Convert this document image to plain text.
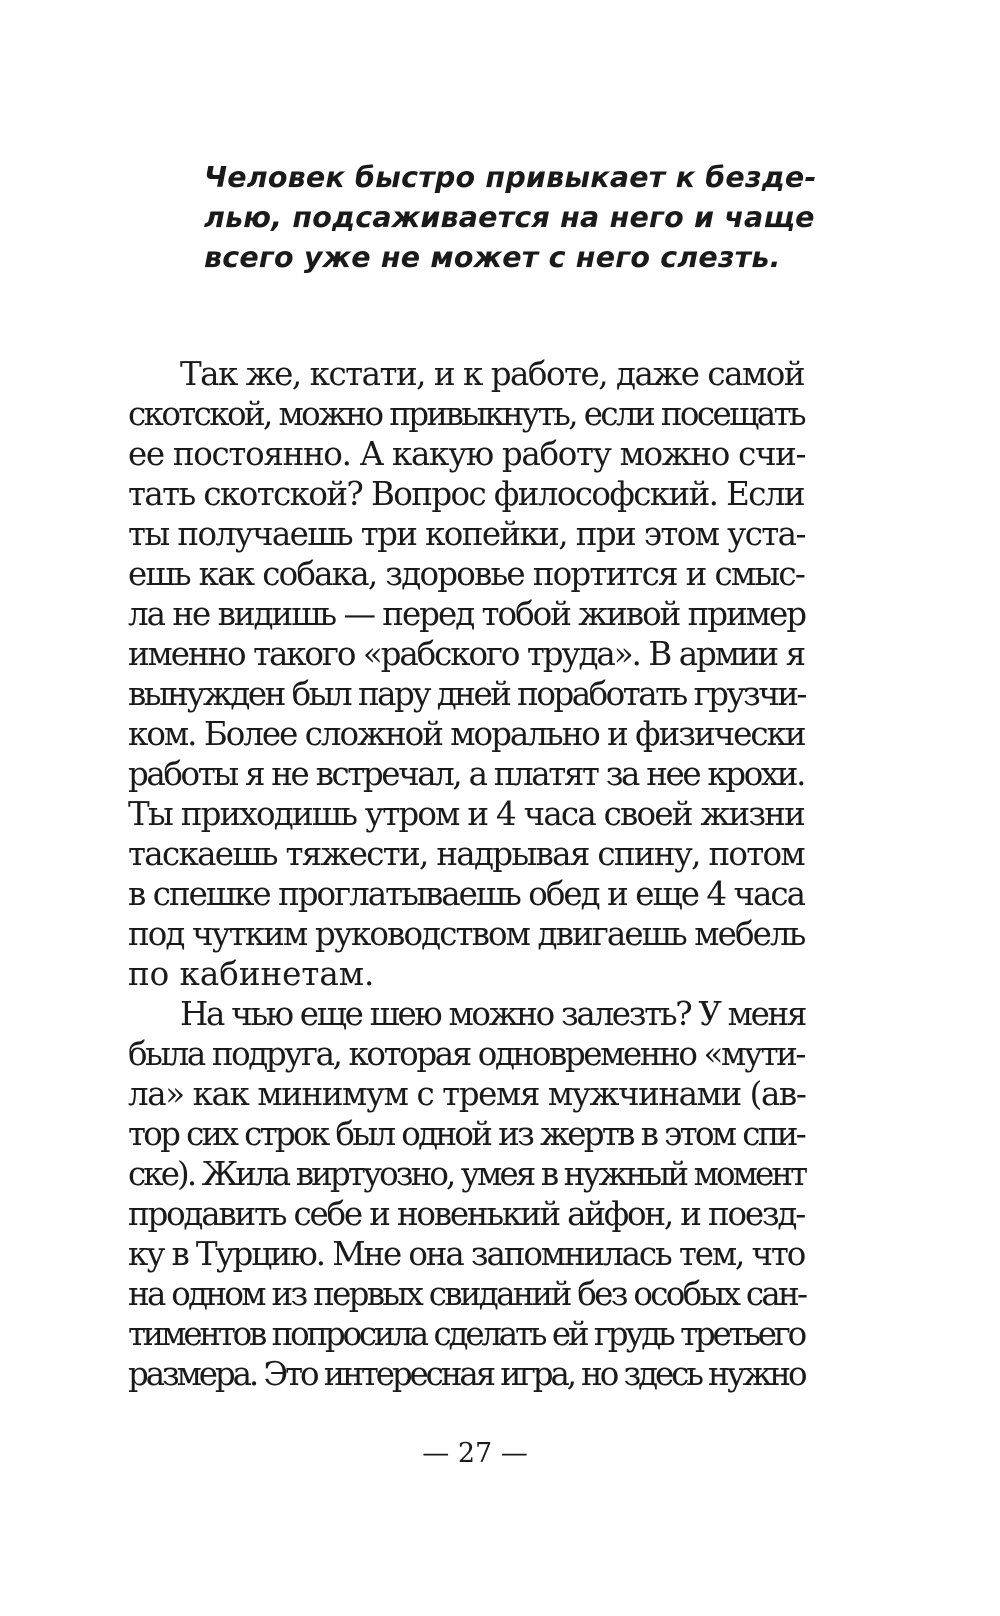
Человек быстро привыкает к безде-
лью, подсаживается на него и чаще
всего уже не может с него слезть.
Так же, кстати, и к работе, даже самой
скотской, можно привыкнуть, если посещать
ее постоянно. А какую работу можно счи-
тать скотской? Вопрос философский. Если
ты получаешь три копейки, при этом уста-
ешь как собака, здоровье портится и смыс-
ла не видишь — перед тобой живой пример
именно такого «рабского труда». В армии я
вынужден был пару дней поработать грузчи-
ком. Более сложной морально и физически
работы я не встречал, а платят за нее крохи.
Ты приходишь утром и 4 часа своей жизни
таскаешь тяжести, надрывая спину, потом
в спешке проглатываешь обед и еще 4 часа
под чутким руководством двигаешь мебель
по кабинетам.
На чью еще шею можно залезть? У меня
была подруга, которая одновременно «мути-
ла» как минимум с тремя мужчинами (ав-
тор сих строк был одной из жертв в этом спи-
ске). Жила виртуозно, умея в нужный момент
продавить себе и новенький айфон, и поезд-
ку в Турцию. Мне она запомнилась тем, что
на одном из первых свиданий без особых сан-
тиментов попросила сделать ей грудь третьего
размера. Это интересная игра, но здесь нужно
— 27 —
